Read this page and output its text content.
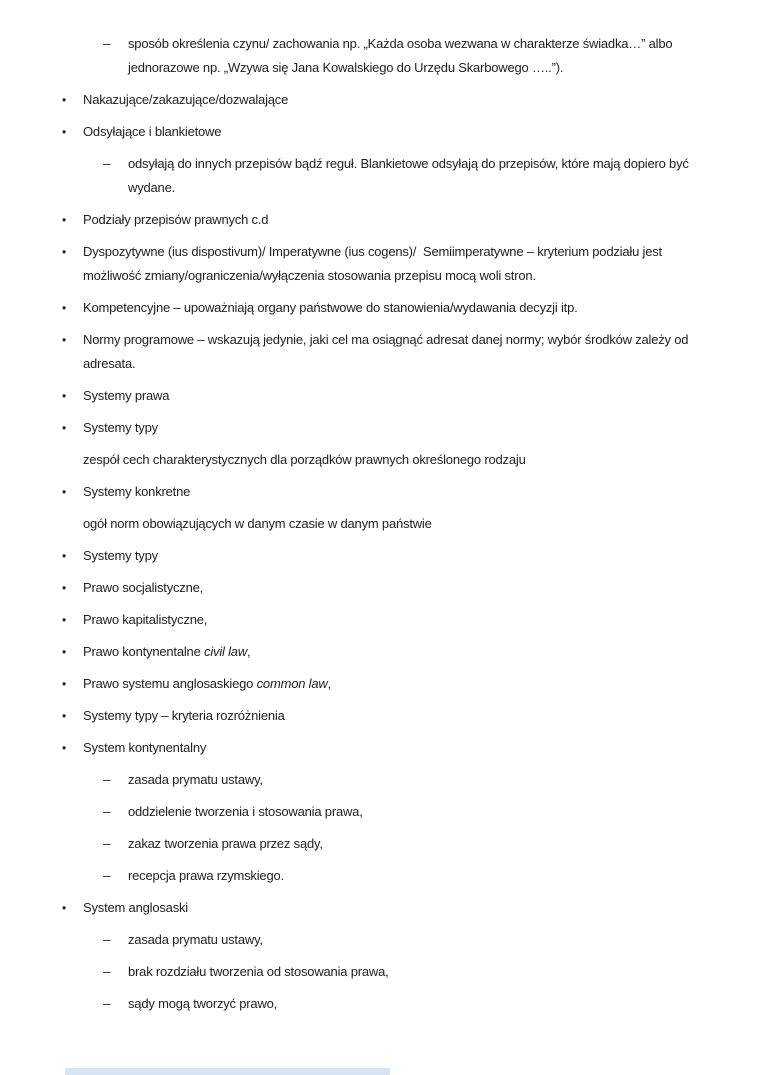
–	sposób określenia czynu/ zachowania np. „Każda osoba wezwana w charakterze świadka…” albo jednorazowe np. „Wzywa się Jana Kowalskiego do Urzędu Skarbowego …..”).
•	Nakazujące/zakazujące/dozwalające
•	Odsyłające i blankietowe
–	odsyłają do innych przepisów bądź reguł. Blankietowe odsyłają do przepisów, które mają dopiero być wydane.
•	Podziały przepisów prawnych c.d
•	Dyspozytywne (ius dispostivum)/ Imperatywne (ius cogens)/  Semiimperatywne – kryterium podziału jest możliwość zmiany/ograniczenia/wyłączenia stosowania przepisu mocą woli stron.
•	Kompetencyjne – upoważniają organy państwowe do stanowienia/wydawania decyzji itp.
•	Normy programowe – wskazują jedynie, jaki cel ma osiągnąć adresat danej normy; wybór środków zależy od adresata.
•	Systemy prawa
•	Systemy typy
zespół cech charakterystycznych dla porządków prawnych określonego rodzaju
•	Systemy konkretne
ogół norm obowiązujących w danym czasie w danym państwie
•	Systemy typy
•	Prawo socjalistyczne,
•	Prawo kapitalistyczne,
•	Prawo kontynentalne civil law,
•	Prawo systemu anglosaskiego common law,
•	Systemy typy – kryteria rozróżnienia
•	System kontynentalny
–	zasada prymatu ustawy,
–	oddzielenie tworzenia i stosowania prawa,
–	zakaz tworzenia prawa przez sądy,
–	recepcja prawa rzymskiego.
•	System anglosaski
–	zasada prymatu ustawy,
–	brak rozdziału tworzenia od stosowania prawa,
–	sądy mogą tworzyć prawo,
